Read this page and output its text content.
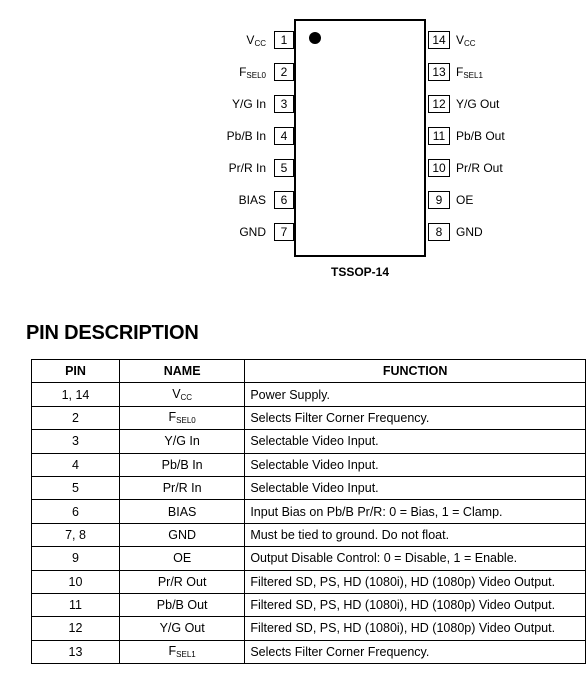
1
$V_{CC}$
2
$F_{SEL0}$
3
Y/G In
4
Pb/B In
5
Pr/R In
6
BIAS
7
GND
14 $V_{CC}$
13 $F_{SEL1}$
12 Y/G Out
11 Pb/B Out
10 Pr/R Out
9	OE
8	GND
TSSOP-14
PIN DESCRIPTION
PIN	NAME	FUNCTION
1, 14	$V_{CC}$	Power Supply.
2	$F_{SEL0}$	Selects Filter Corner Frequency.
3	Y/G In	Selectable Video Input.
4	Pb/B In	Selectable Video Input.
5	Pr/R In	Selectable Video Input.
6	BIAS	Input Bias on Pb/B Pr/R: 0 = Bias, 1 = Clamp.
7, 8	GND	Must be tied to ground. Do not float.
9	OE	Output Disable Control: 0 = Disable, 1 = Enable.
10	Pr/R Out	Filtered SD, PS, HD (1080i), HD (1080p) Video Output.
11	Pb/B Out	Filtered SD, PS, HD (1080i), HD (1080p) Video Output.
12	Y/G Out	Filtered SD, PS, HD (1080i), HD (1080p) Video Output.
13	$F_{SEL1}$	Selects Filter Corner Frequency.
